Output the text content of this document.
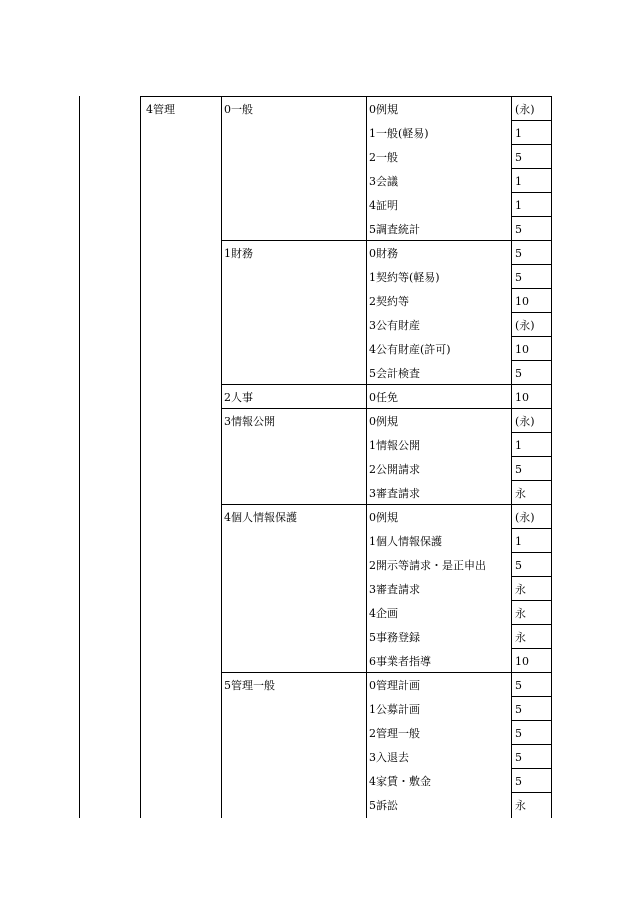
4管理	0一般	0例規	(永)
1一般(軽易)	1
2一般	5
3会議	1
4証明	1
5調査統計	5
1財務	0財務	5
1契約等(軽易)	5
2契約等	10
3公有財産	(永)
4公有財産(許可)	10
5会計検査	5
2人事	0任免	10
3情報公開	0例規	(永)
1情報公開	1
2公開請求	5
3審査請求	永
4個人情報保護	0例規	(永)
1個人情報保護	1
2開示等請求・是正申出	5
3審査請求	永
4企画	永
5事務登録	永
6事業者指導	10
5管理一般	0管理計画	5
1公募計画	5
2管理一般	5
3入退去	5
4家賃・敷金	5
5訴訟	永
